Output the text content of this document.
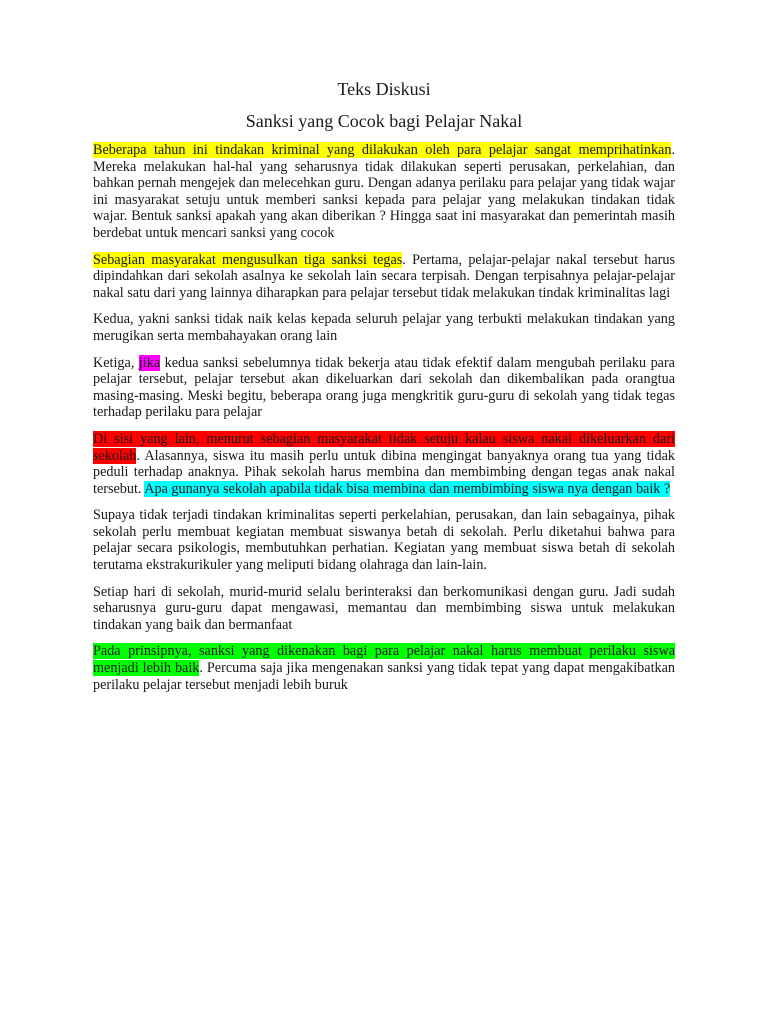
Teks Diskusi
Sanksi yang Cocok bagi Pelajar Nakal

Beberapa tahun ini tindakan kriminal yang dilakukan oleh para pelajar sangat memprihatinkan. Mereka melakukan hal-hal yang seharusnya tidak dilakukan seperti perusakan, perkelahian, dan bahkan pernah mengejek dan melecehkan guru. Dengan adanya perilaku para pelajar yang tidak wajar ini masyarakat setuju untuk memberi sanksi kepada para pelajar yang melakukan tindakan tidak wajar. Bentuk sanksi apakah yang akan diberikan ? Hingga saat ini masyarakat dan pemerintah masih berdebat untuk mencari sanksi yang cocok

Sebagian masyarakat mengusulkan tiga sanksi tegas. Pertama, pelajar-pelajar nakal tersebut harus dipindahkan dari sekolah asalnya ke sekolah lain secara terpisah. Dengan terpisahnya pelajar-pelajar nakal satu dari yang lainnya diharapkan para pelajar tersebut tidak melakukan tindak kriminalitas lagi

Kedua, yakni sanksi tidak naik kelas kepada seluruh pelajar yang terbukti melakukan tindakan yang merugikan serta membahayakan orang lain

Ketiga, jika kedua sanksi sebelumnya tidak bekerja atau tidak efektif dalam mengubah perilaku para pelajar tersebut, pelajar tersebut akan dikeluarkan dari sekolah dan dikembalikan pada orangtua masing-masing. Meski begitu, beberapa orang juga mengkritik guru-guru di sekolah yang tidak tegas terhadap perilaku para pelajar

Di sisi yang lain, menurut sebagian masyarakat tidak setuju kalau siswa nakal dikeluarkan dari sekolah. Alasannya, siswa itu masih perlu untuk dibina mengingat banyaknya orang tua yang tidak peduli terhadap anaknya. Pihak sekolah harus membina dan membimbing dengan tegas anak nakal tersebut. Apa gunanya sekolah apabila tidak bisa membina dan membimbing siswa nya dengan baik ?

Supaya tidak terjadi tindakan kriminalitas seperti perkelahian, perusakan, dan lain sebagainya, pihak sekolah perlu membuat kegiatan membuat siswanya betah di sekolah. Perlu diketahui bahwa para pelajar secara psikologis, membutuhkan perhatian. Kegiatan yang membuat siswa betah di sekolah terutama ekstrakurikuler yang meliputi bidang olahraga dan lain-lain.

Setiap hari di sekolah, murid-murid selalu berinteraksi dan berkomunikasi dengan guru. Jadi sudah seharusnya guru-guru dapat mengawasi, memantau dan membimbing siswa untuk melakukan tindakan yang baik dan bermanfaat

Pada prinsipnya, sanksi yang dikenakan bagi para pelajar nakal harus membuat perilaku siswa menjadi lebih baik. Percuma saja jika mengenakan sanksi yang tidak tepat yang dapat mengakibatkan perilaku pelajar tersebut menjadi lebih buruk
